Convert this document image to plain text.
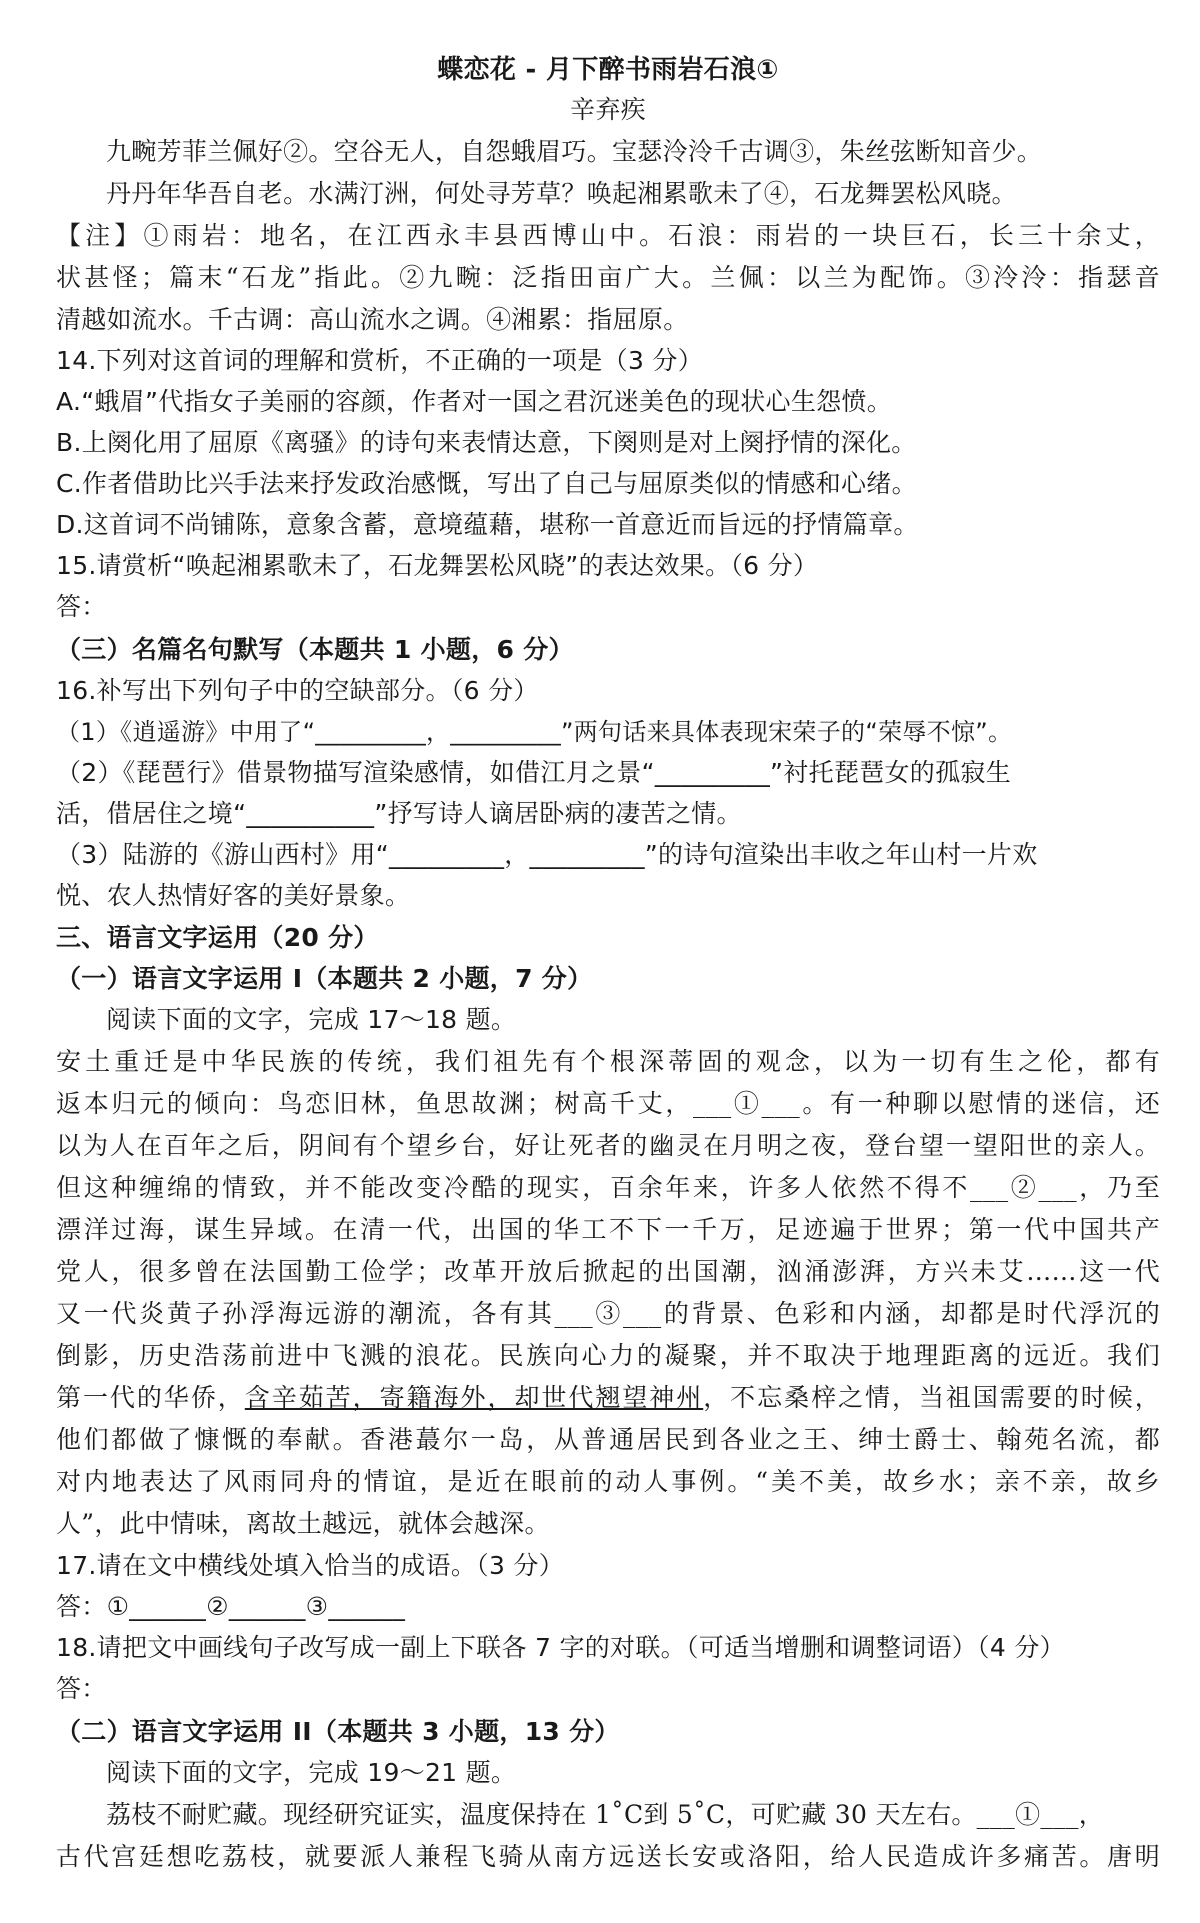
蝶恋花 - 月下醉书雨岩石浪①
辛弃疾
九畹芳菲兰佩好②。空谷无人，自怨蛾眉巧。宝瑟泠泠千古调③，朱丝弦断知音少。
丹丹年华吾自老。水满汀洲，何处寻芳草？唤起湘累歌未了④，石龙舞罢松风晓。
【注】①雨岩：地名，在江西永丰县西博山中。石浪：雨岩的一块巨石，长三十余丈，
状甚怪；篇末“石龙”指此。②九畹：泛指田亩广大。兰佩：以兰为配饰。③泠泠：指瑟音
清越如流水。千古调：高山流水之调。④湘累：指屈原。
14.下列对这首词的理解和赏析，不正确的一项是（3 分）
A.“蛾眉”代指女子美丽的容颜，作者对一国之君沉迷美色的现状心生怨愤。
B.上阕化用了屈原《离骚》的诗句来表情达意，下阕则是对上阕抒情的深化。
C.作者借助比兴手法来抒发政治感慨，写出了自己与屈原类似的情感和心绪。
D.这首词不尚铺陈，意象含蓄，意境蕴藉，堪称一首意近而旨远的抒情篇章。
15.请赏析“唤起湘累歌未了，石龙舞罢松风晓”的表达效果。（6 分）
答：
（三）名篇名句默写（本题共 1 小题，6 分）
16.补写出下列句子中的空缺部分。（6 分）
（1）《逍遥游》中用了“_________，_________”两句话来具体表现宋荣子的“荣辱不惊”。
（2）《琵琶行》借景物描写渲染感情，如借江月之景“_________”衬托琵琶女的孤寂生
活，借居住之境“__________”抒写诗人谪居卧病的凄苦之情。
（3）陆游的《游山西村》用“_________，_________”的诗句渲染出丰收之年山村一片欢
悦、农人热情好客的美好景象。
三、语言文字运用（20 分）
（一）语言文字运用 I（本题共 2 小题，7 分）
阅读下面的文字，完成 17～18 题。
安土重迁是中华民族的传统，我们祖先有个根深蒂固的观念，以为一切有生之伦，都有
返本归元的倾向：鸟恋旧林，鱼思故渊；树高千丈，___①___。有一种聊以慰情的迷信，还
以为人在百年之后，阴间有个望乡台，好让死者的幽灵在月明之夜，登台望一望阳世的亲人。
但这种缠绵的情致，并不能改变冷酷的现实，百余年来，许多人依然不得不___②___，乃至
漂洋过海，谋生异域。在清一代，出国的华工不下一千万，足迹遍于世界；第一代中国共产
党人，很多曾在法国勤工俭学；改革开放后掀起的出国潮，汹涌澎湃，方兴未艾……这一代
又一代炎黄子孙浮海远游的潮流，各有其___③___的背景、色彩和内涵，却都是时代浮沉的
倒影，历史浩荡前进中飞溅的浪花。民族向心力的凝聚，并不取决于地理距离的远近。我们
第一代的华侨，含辛茹苦，寄籍海外，却世代翘望神州，不忘桑梓之情，当祖国需要的时候，
他们都做了慷慨的奉献。香港蕞尔一岛，从普通居民到各业之王、绅士爵士、翰苑名流，都
对内地表达了风雨同舟的情谊，是近在眼前的动人事例。“美不美，故乡水；亲不亲，故乡
人”，此中情味，离故土越远，就体会越深。
17.请在文中横线处填入恰当的成语。（3 分）
答：①______②______③______
18.请把文中画线句子改写成一副上下联各 7 字的对联。（可适当增删和调整词语）（4 分）
答：
（二）语言文字运用 II（本题共 3 小题，13 分）
阅读下面的文字，完成 19～21 题。
荔枝不耐贮藏。现经研究证实，温度保持在 1˚C到 5˚C，可贮藏 30 天左右。___①___，
古代宫廷想吃荔枝，就要派人兼程飞骑从南方远送长安或洛阳，给人民造成许多痛苦。唐明
